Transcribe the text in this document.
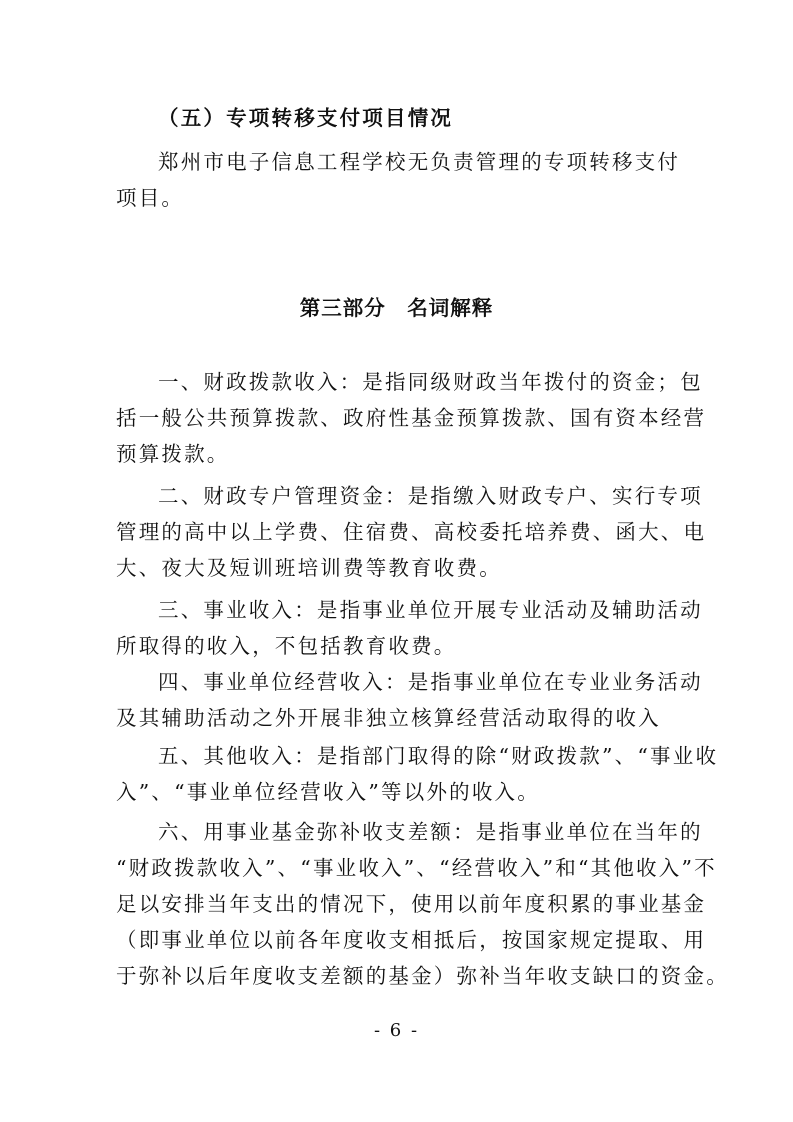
（五）专项转移支付项目情况
郑州市电子信息工程学校无负责管理的专项转移支付
项目。
第三部分　名词解释
一、财政拨款收入：是指同级财政当年拨付的资金；包
括一般公共预算拨款、政府性基金预算拨款、国有资本经营
预算拨款。
二、财政专户管理资金：是指缴入财政专户、实行专项
管理的高中以上学费、住宿费、高校委托培养费、函大、电
大、夜大及短训班培训费等教育收费。
三、事业收入：是指事业单位开展专业活动及辅助活动
所取得的收入，不包括教育收费。
四、事业单位经营收入：是指事业单位在专业业务活动
及其辅助活动之外开展非独立核算经营活动取得的收入
五、其他收入：是指部门取得的除“财政拨款”、“事业收
入”、“事业单位经营收入”等以外的收入。
六、用事业基金弥补收支差额：是指事业单位在当年的
“财政拨款收入”、“事业收入”、“经营收入”和“其他收入”不
足以安排当年支出的情况下，使用以前年度积累的事业基金
（即事业单位以前各年度收支相抵后，按国家规定提取、用
于弥补以后年度收支差额的基金）弥补当年收支缺口的资金。
- 6 -
